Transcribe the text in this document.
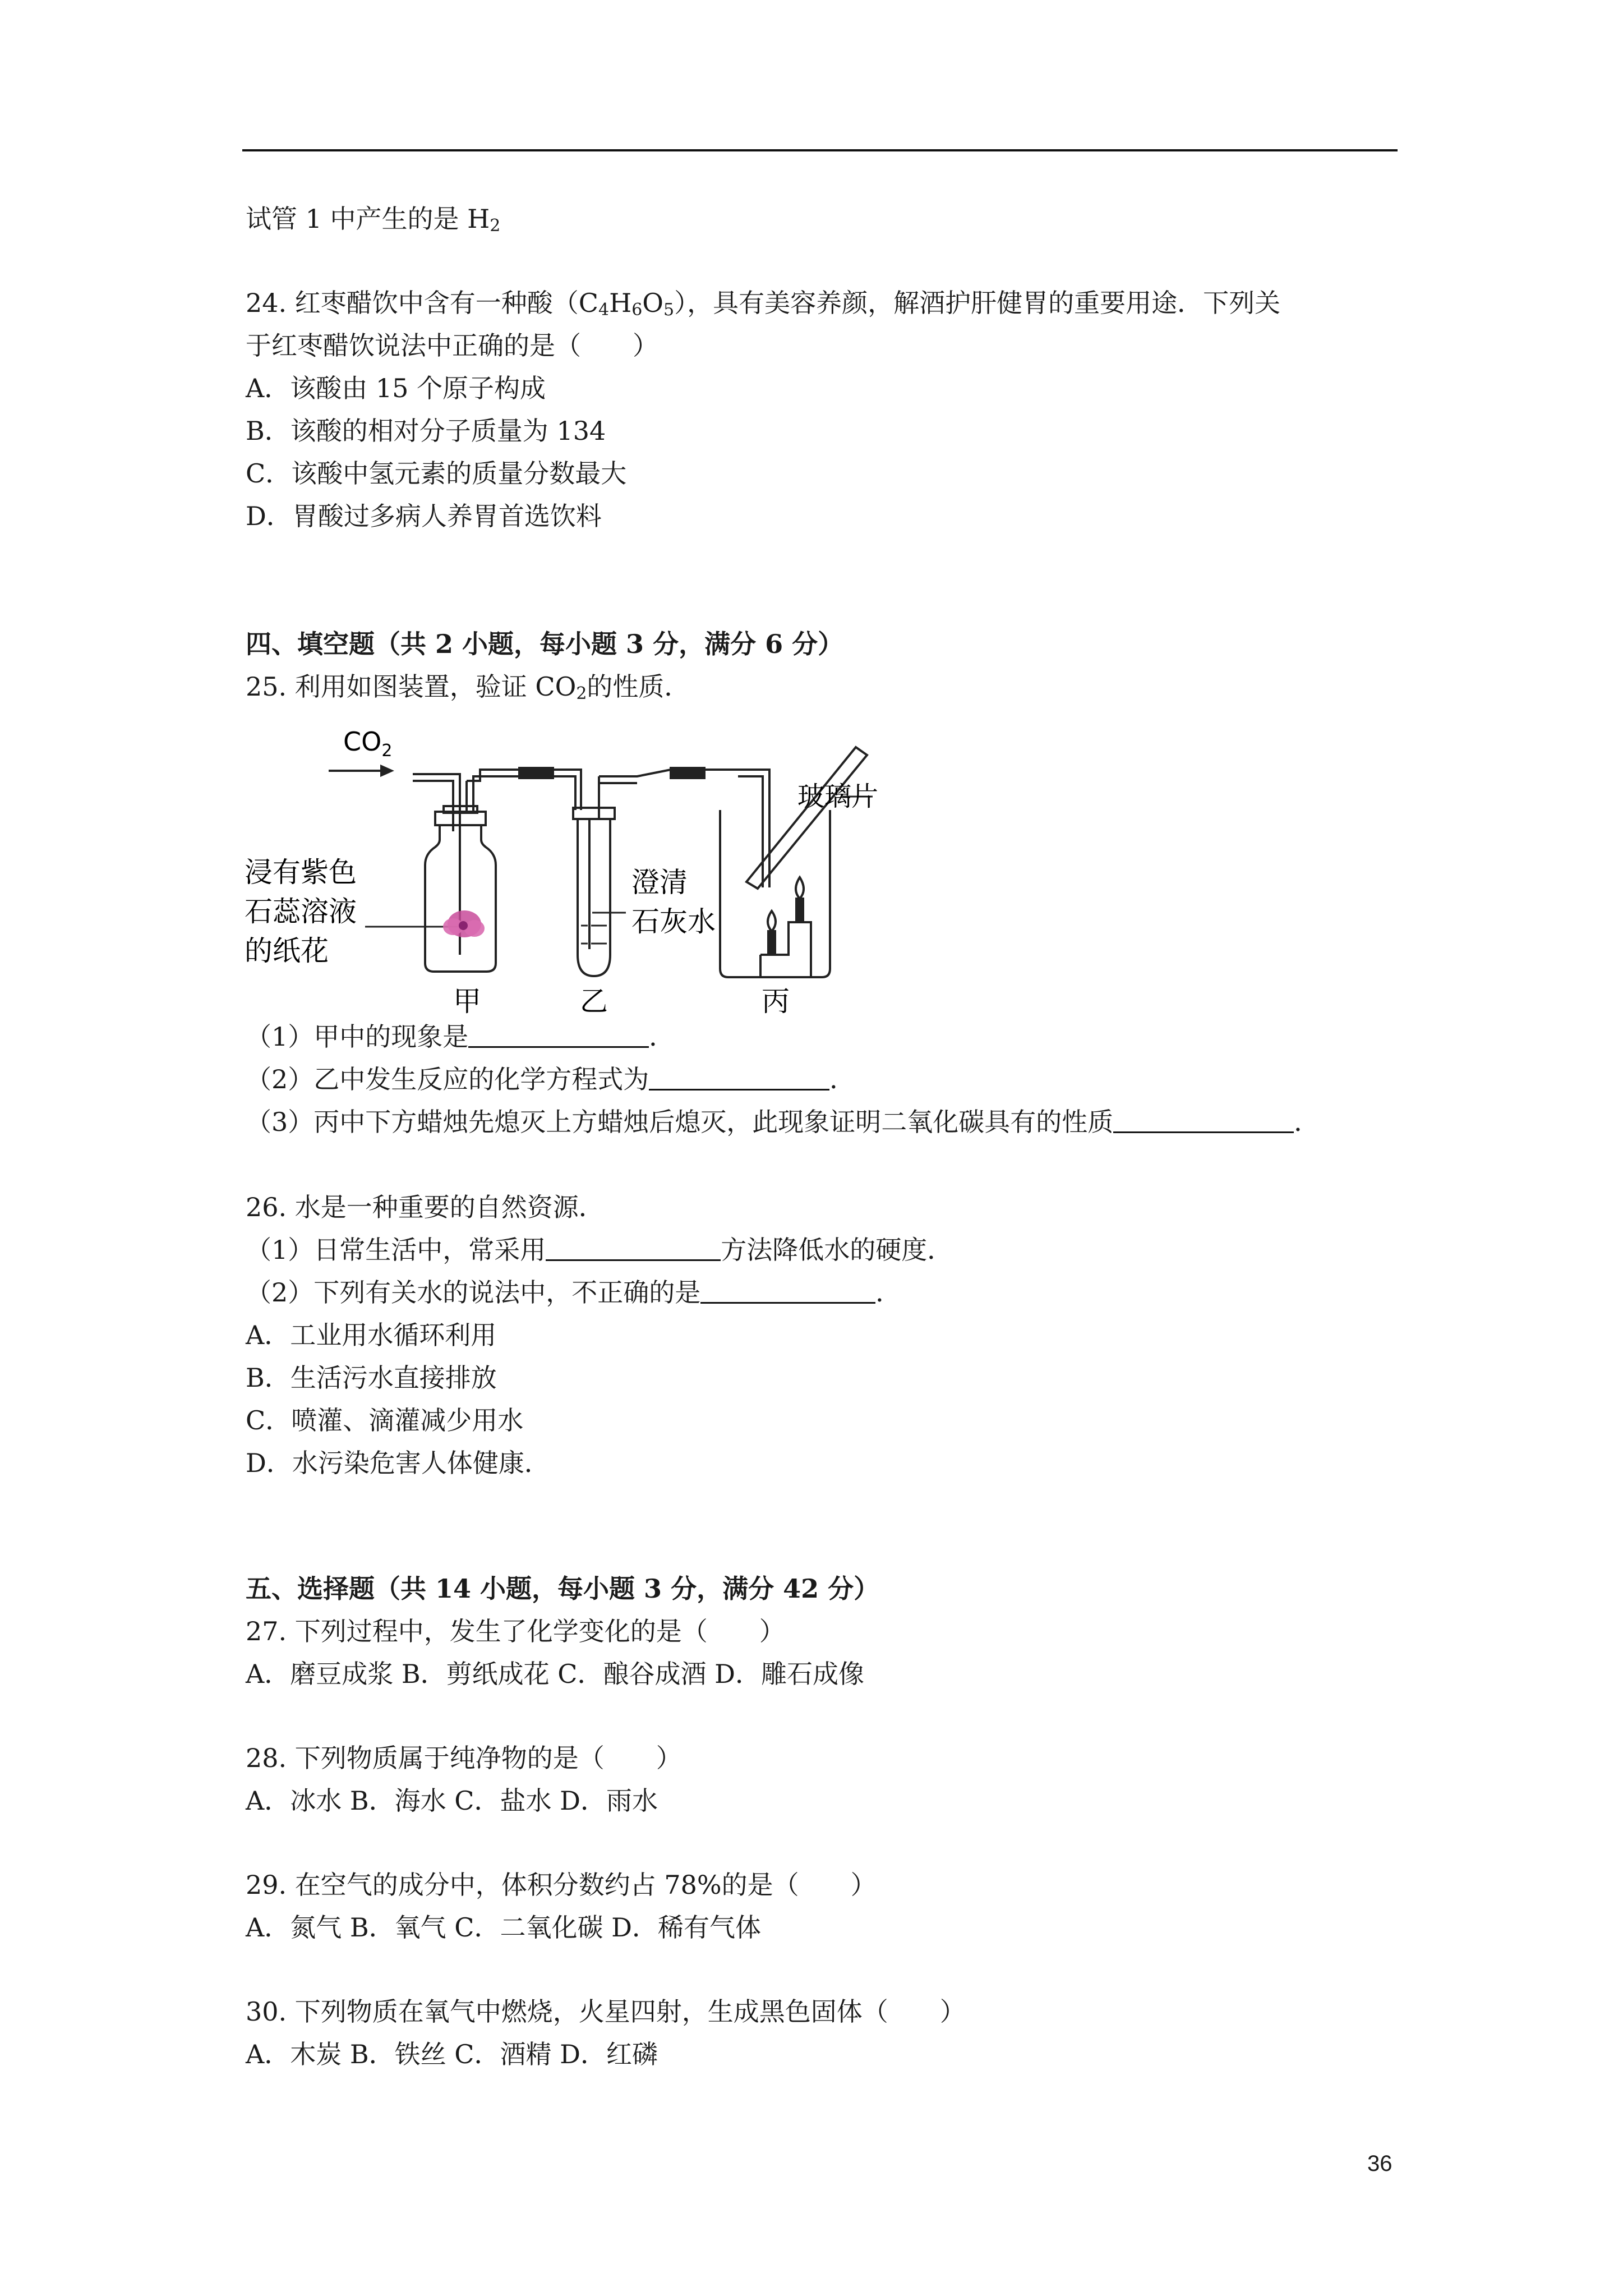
试管 1 中产生的是 $H_2$
24. 红枣醋饮中含有一种酸$(C_4H_6O_5)$，具有美容养颜，解酒护肝健胃的重要用途．下列关
于红枣醋饮说法中正确的是（　　）
A．该酸由 15 个原子构成
B．该酸的相对分子质量为 134
C．该酸中氢元素的质量分数最大
D．胃酸过多病人养胃首选饮料
四、填空题（共 2 小题，每小题 3 分，满分 6 分）
25. 利用如图装置，验证 $CO_2$的性质．
$CO_2$
浸有紫色
石蕊溶液
的纸花
澄清
石灰水
玻璃片
甲	乙	丙
（1）甲中的现象是	．
（2）乙中发生反应的化学方程式为	．
（3）丙中下方蜡烛先熄灭上方蜡烛后熄灭，此现象证明二氧化碳具有的性质	．
26. 水是一种重要的自然资源．
（1）日常生活中，常采用	方法降低水的硬度．
（2）下列有关水的说法中，不正确的是	．
A．工业用水循环利用
B．生活污水直接排放
C．喷灌、滴灌减少用水
D．水污染危害人体健康．
五、选择题（共 14 小题，每小题 3 分，满分 42 分）
27. 下列过程中，发生了化学变化的是（　　）
A．磨豆成浆 B．剪纸成花 C．酿谷成酒 D．雕石成像
28. 下列物质属于纯净物的是（　　）
A．冰水 B．海水 C．盐水 D．雨水
29. 在空气的成分中，体积分数约占 78%的是（　　）
A．氮气 B．氧气 C．二氧化碳 D．稀有气体
30. 下列物质在氧气中燃烧，火星四射，生成黑色固体（　　）
A．木炭 B．铁丝 C．酒精 D．红磷
36
